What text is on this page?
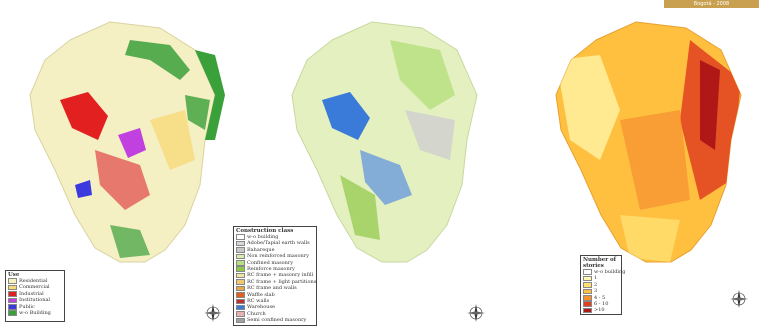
Bogotá - 2008
Use
Residential
Commercial
Industrial
Institutional
Public
w-o Building
Construction class
w-o building
Adobe/Tapial earth walls
Bahareque
Non reinforced masonry
Confined masonry
Reinforce masonry
RC frame + masonry infill
RC frame + light partitions
RC frame and walls
Waffle slab
RC walls
Warehouse
Church
Semi confined masonry
Number of stories
w-o building
1
2
3
4 - 5
6 - 10
>10
